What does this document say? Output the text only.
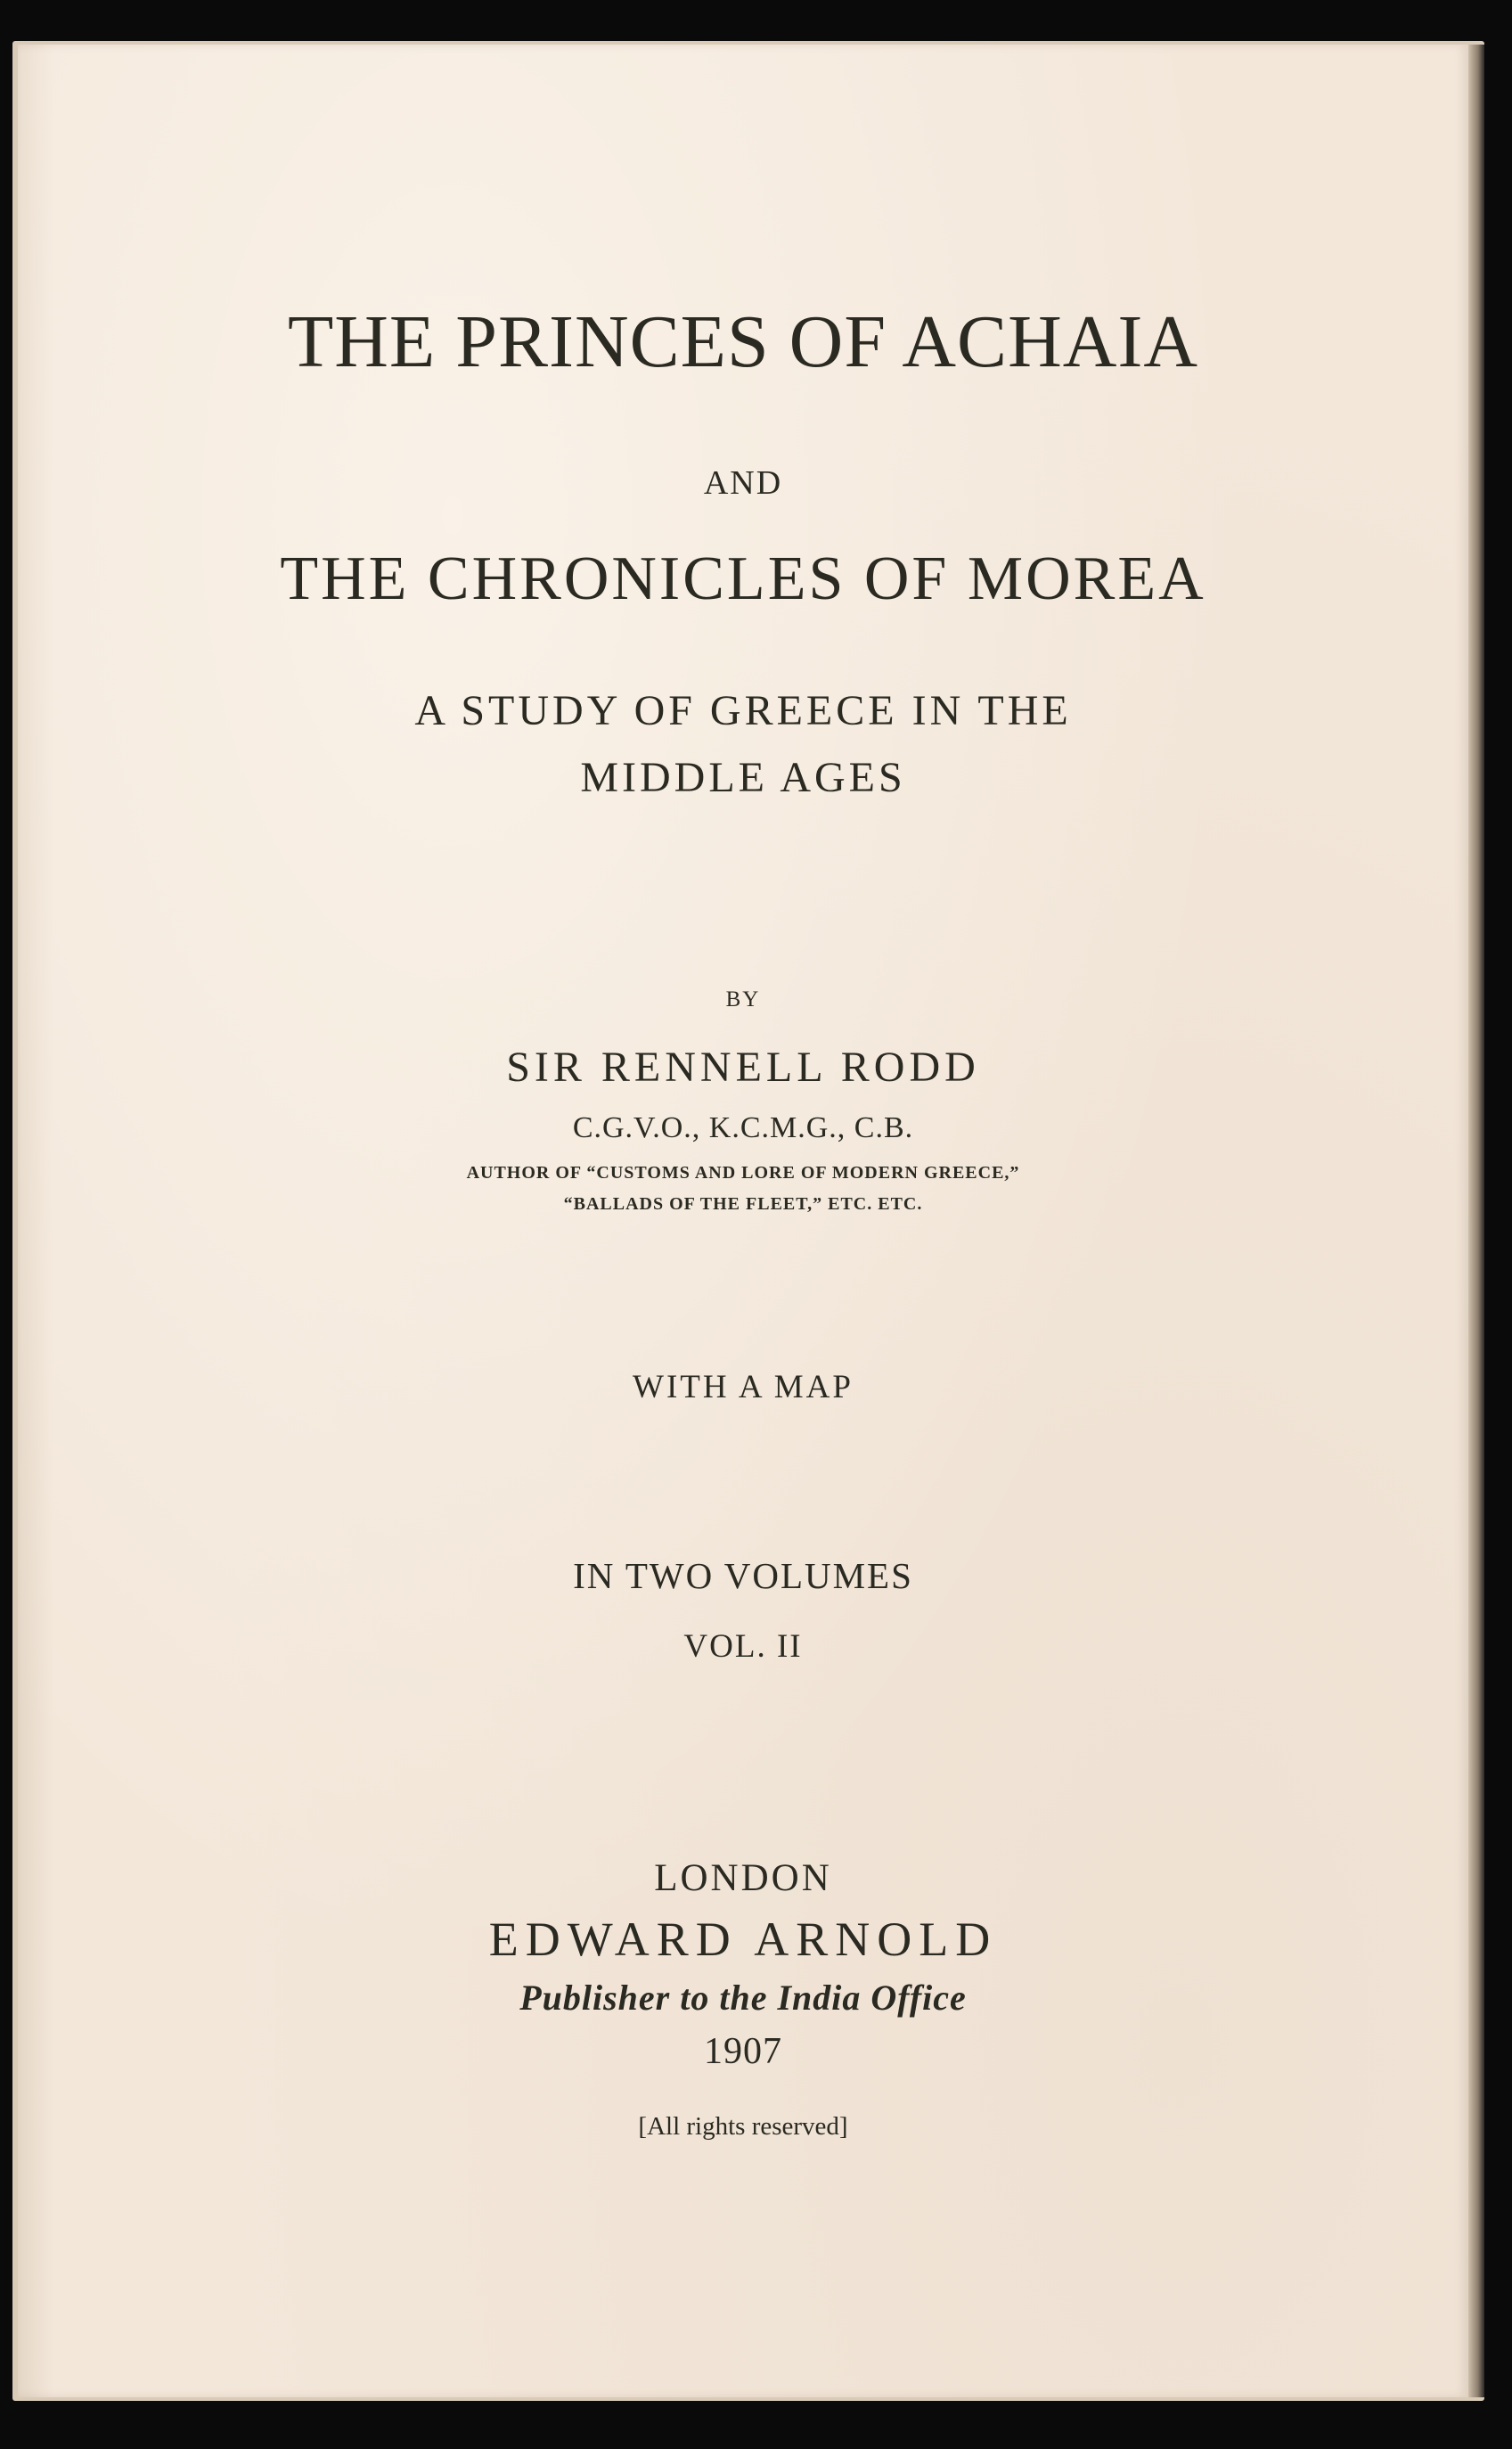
THE PRINCES OF ACHAIA

AND

THE CHRONICLES OF MOREA

A STUDY OF GREECE IN THE

MIDDLE AGES

BY

SIR RENNELL RODD

C.G.V.O., K.C.M.G., C.B.

AUTHOR OF “CUSTOMS AND LORE OF MODERN GREECE,”

“BALLADS OF THE FLEET,” ETC. ETC.

WITH A MAP

IN TWO VOLUMES

VOL. II

LONDON

EDWARD ARNOLD

Publisher to the India Office

1907

[All rights reserved]
